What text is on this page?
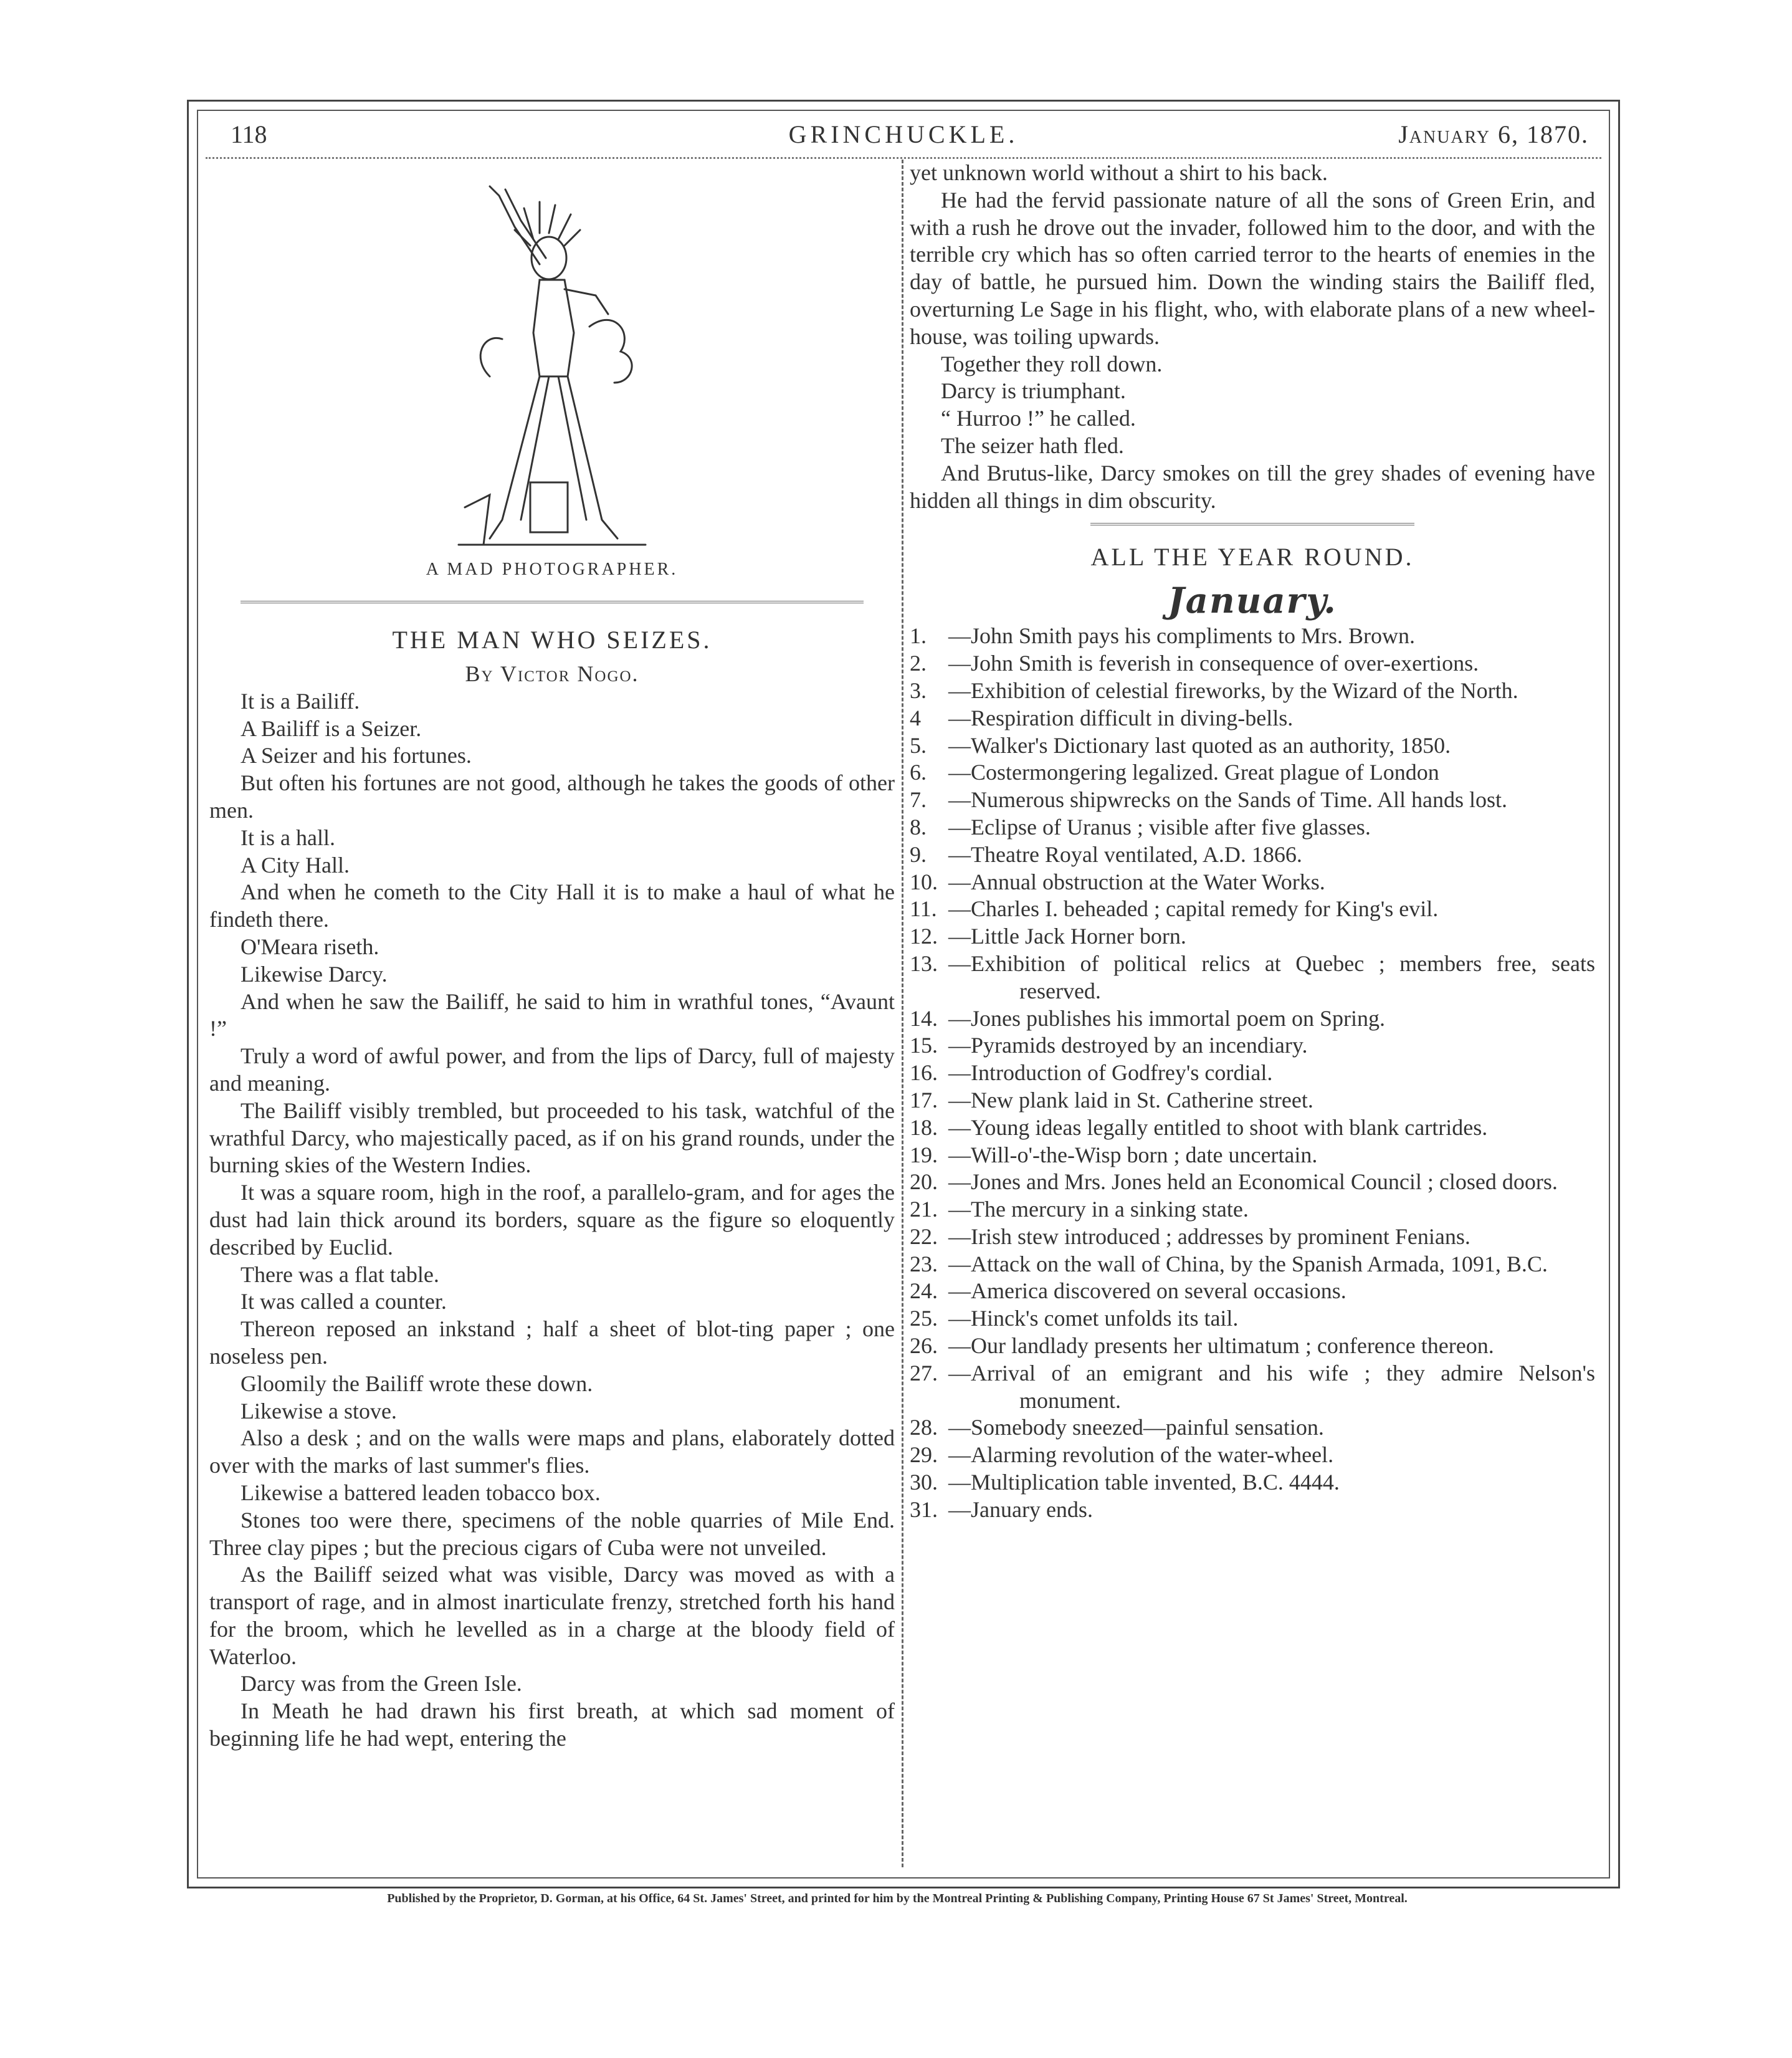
118	GRINCHUCKLE.	January 6, 1870.
A MAD PHOTOGRAPHER.
THE MAN WHO SEIZES.
By Victor Nogo.
It is a Bailiff.
A Bailiff is a Seizer.
A Seizer and his fortunes.
But often his fortunes are not good, although he takes the goods of other men.
It is a hall.
A City Hall.
And when he cometh to the City Hall it is to make a haul of what he findeth there.
O'Meara riseth.
Likewise Darcy.
And when he saw the Bailiff, he said to him in wrathful tones, “Avaunt !”
Truly a word of awful power, and from the lips of Darcy, full of majesty and meaning.
The Bailiff visibly trembled, but proceeded to his task, watchful of the wrathful Darcy, who majestically paced, as if on his grand rounds, under the burning skies of the Western Indies.
It was a square room, high in the roof, a parallelo-gram, and for ages the dust had lain thick around its borders, square as the figure so eloquently described by Euclid.
There was a flat table.
It was called a counter.
Thereon reposed an inkstand ; half a sheet of blot-ting paper ; one noseless pen.
Gloomily the Bailiff wrote these down.
Likewise a stove.
Also a desk ; and on the walls were maps and plans, elaborately dotted over with the marks of last summer's flies.
Likewise a battered leaden tobacco box.
Stones too were there, specimens of the noble quarries of Mile End. Three clay pipes ; but the precious cigars of Cuba were not unveiled.
As the Bailiff seized what was visible, Darcy was moved as with a transport of rage, and in almost inarticulate frenzy, stretched forth his hand for the broom, which he levelled as in a charge at the bloody field of Waterloo.
Darcy was from the Green Isle.
In Meath he had drawn his first breath, at which sad moment of beginning life he had wept, entering the
yet unknown world without a shirt to his back.
He had the fervid passionate nature of all the sons of Green Erin, and with a rush he drove out the invader, followed him to the door, and with the terrible cry which has so often carried terror to the hearts of enemies in the day of battle, he pursued him. Down the winding stairs the Bailiff fled, overturning Le Sage in his flight, who, with elaborate plans of a new wheel-house, was toiling upwards.
Together they roll down.
Darcy is triumphant.
“ Hurroo !” he called.
The seizer hath fled.
And Brutus-like, Darcy smokes on till the grey shades of evening have hidden all things in dim obscurity.
ALL THE YEAR ROUND.
January.
1. —John Smith pays his compliments to Mrs. Brown.
2. —John Smith is feverish in consequence of over-exertions.
3. —Exhibition of celestial fireworks, by the Wizard of the North.
4 —Respiration difficult in diving-bells.
5. —Walker's Dictionary last quoted as an authority, 1850.
6. —Costermongering legalized. Great plague of London
7. —Numerous shipwrecks on the Sands of Time. All hands lost.
8. —Eclipse of Uranus ; visible after five glasses.
9. —Theatre Royal ventilated, A.D. 1866.
10. —Annual obstruction at the Water Works.
11. —Charles I. beheaded ; capital remedy for King's evil.
12. —Little Jack Horner born.
13. —Exhibition of political relics at Quebec ; members free, seats reserved.
14. —Jones publishes his immortal poem on Spring.
15. —Pyramids destroyed by an incendiary.
16. —Introduction of Godfrey's cordial.
17. —New plank laid in St. Catherine street.
18. —Young ideas legally entitled to shoot with blank cartrides.
19. —Will-o'-the-Wisp born ; date uncertain.
20. —Jones and Mrs. Jones held an Economical Council ; closed doors.
21. —The mercury in a sinking state.
22. —Irish stew introduced ; addresses by prominent Fenians.
23. —Attack on the wall of China, by the Spanish Armada, 1091, B.C.
24. —America discovered on several occasions.
25. —Hinck's comet unfolds its tail.
26. —Our landlady presents her ultimatum ; conference thereon.
27. —Arrival of an emigrant and his wife ; they admire Nelson's monument.
28. —Somebody sneezed—painful sensation.
29. —Alarming revolution of the water-wheel.
30. —Multiplication table invented, B.C. 4444.
31. —January ends.
Published by the Proprietor, D. Gorman, at his Office, 64 St. James' Street, and printed for him by the Montreal Printing & Publishing Company, Printing House 67 St James' Street, Montreal.
